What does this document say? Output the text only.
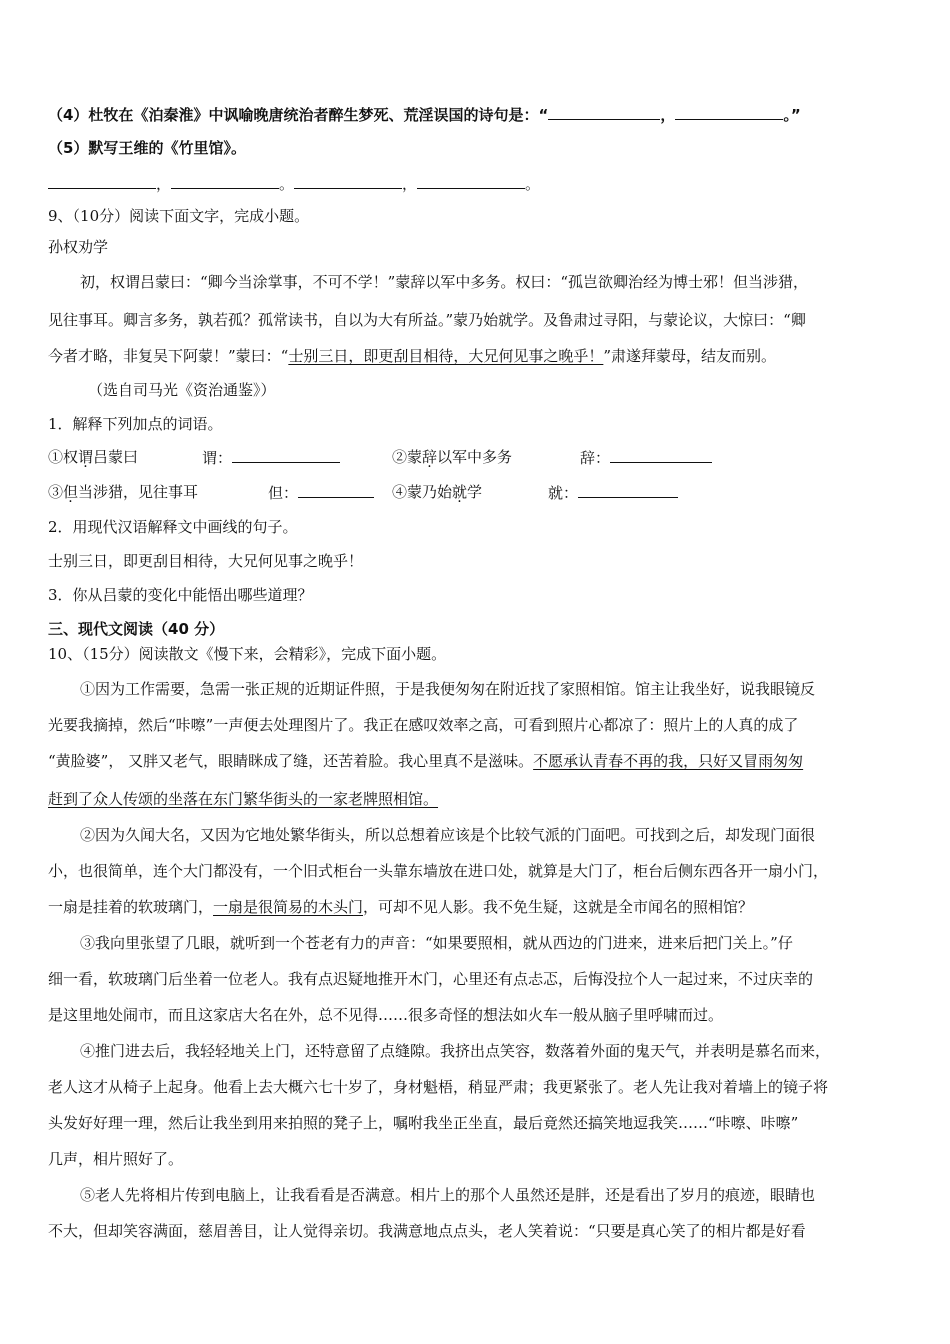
（4）杜牧在《泊秦淮》中讽喻晚唐统治者醉生梦死、荒淫误国的诗句是：“	，	。”
（5）默写王维的《竹里馆》。
，	。	，	。
9、（10分）阅读下面文字，完成小题。
孙权劝学
初，权谓吕蒙曰：“卿今当涂掌事，不可不学！”蒙辞以军中多务。权曰：“孤岂欲卿治经为博士邪！但当涉猎，
见往事耳。卿言多务，孰若孤？孤常读书，自以为大有所益。”蒙乃始就学。及鲁肃过寻阳，与蒙论议，大惊曰：“卿
今者才略，非复吴下阿蒙！”蒙曰：“士别三日，即更刮目相待，大兄何见事之晚乎！”肃遂拜蒙母，结友而别。
（选自司马光《资治通鉴》）
1．解释下列加点的词语。
①权谓吕蒙曰	谓：	②蒙辞以军中多务	辞：
③但当涉猎，见往事耳	但：	④蒙乃始就学	就：
2．用现代汉语解释文中画线的句子。
士别三日，即更刮目相待，大兄何见事之晚乎！
3．你从吕蒙的变化中能悟出哪些道理？
三、现代文阅读（40 分）
10、（15分）阅读散文《慢下来，会精彩》，完成下面小题。
①因为工作需要，急需一张正规的近期证件照，于是我便匆匆在附近找了家照相馆。馆主让我坐好，说我眼镜反
光要我摘掉，然后“咔嚓”一声便去处理图片了。我正在感叹效率之高，可看到照片心都凉了：照片上的人真的成了
“黄脸婆”， 又胖又老气，眼睛眯成了缝，还苦着脸。我心里真不是滋味。不愿承认青春不再的我，只好又冒雨匆匆
赶到了众人传颂的坐落在东门繁华街头的一家老牌照相馆。
②因为久闻大名，又因为它地处繁华街头，所以总想着应该是个比较气派的门面吧。可找到之后，却发现门面很
小，也很简单，连个大门都没有，一个旧式柜台一头靠东墙放在进口处，就算是大门了，柜台后侧东西各开一扇小门，
一扇是挂着的软玻璃门，一扇是很简易的木头门，可却不见人影。我不免生疑，这就是全市闻名的照相馆？
③我向里张望了几眼，就听到一个苍老有力的声音：“如果要照相，就从西边的门进来，进来后把门关上。”仔
细一看，软玻璃门后坐着一位老人。我有点迟疑地推开木门，心里还有点忐忑，后悔没拉个人一起过来，不过庆幸的
是这里地处闹市，而且这家店大名在外，总不见得……很多奇怪的想法如火车一般从脑子里呼啸而过。
④推门进去后，我轻轻地关上门，还特意留了点缝隙。我挤出点笑容，数落着外面的鬼天气，并表明是慕名而来，
老人这才从椅子上起身。他看上去大概六七十岁了，身材魁梧，稍显严肃；我更紧张了。老人先让我对着墙上的镜子将
头发好好理一理，然后让我坐到用来拍照的凳子上，嘱咐我坐正坐直，最后竟然还搞笑地逗我笑……“咔嚓、咔嚓”
几声，相片照好了。
⑤老人先将相片传到电脑上，让我看看是否满意。相片上的那个人虽然还是胖，还是看出了岁月的痕迹，眼睛也
不大，但却笑容满面，慈眉善目，让人觉得亲切。我满意地点点头，老人笑着说：“只要是真心笑了的相片都是好看
